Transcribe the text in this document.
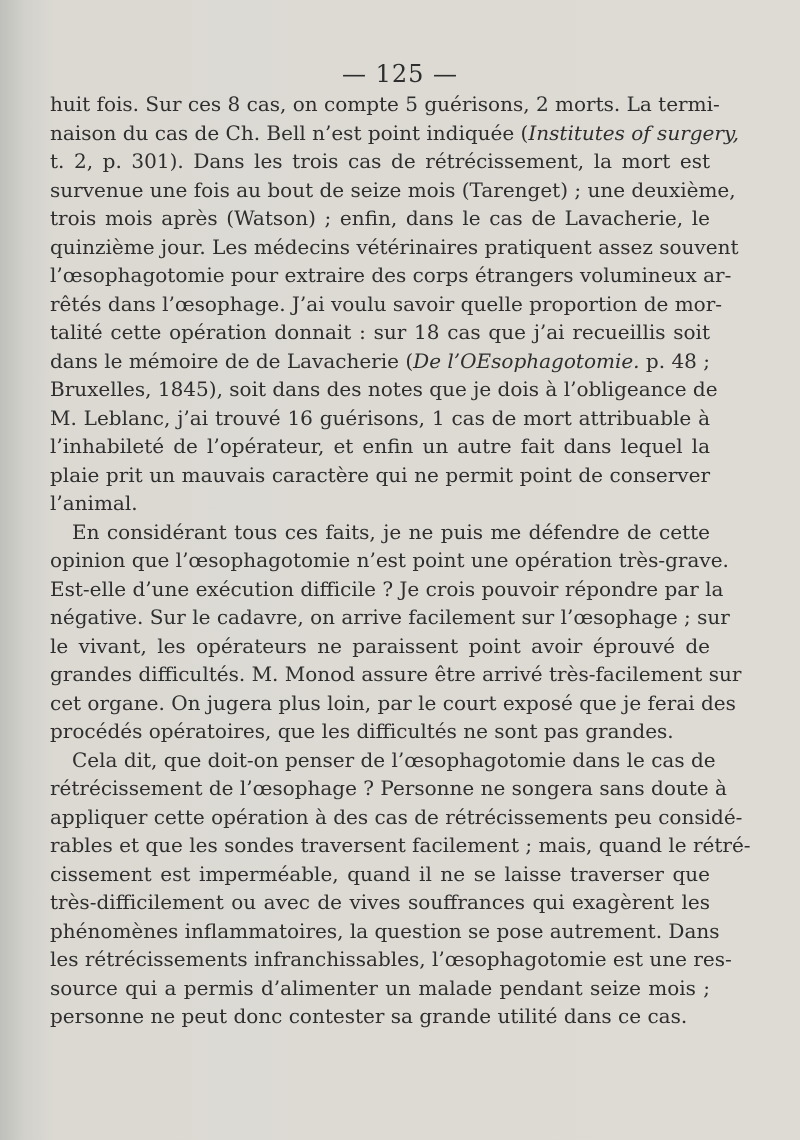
— 125 —
huit fois. Sur ces 8 cas, on compte 5 guérisons, 2 morts. La termi-
naison du cas de Ch. Bell n’est point indiquée (Institutes of surgery,
t. 2, p. 301). Dans les trois cas de rétrécissement, la mort est
survenue une fois au bout de seize mois (Tarenget) ; une deuxième,
trois mois après (Watson) ; enfin, dans le cas de Lavacherie, le
quinzième jour. Les médecins vétérinaires pratiquent assez souvent
l’œsophagotomie pour extraire des corps étrangers volumineux ar-
rêtés dans l’œsophage. J’ai voulu savoir quelle proportion de mor-
talité cette opération donnait : sur 18 cas que j’ai recueillis soit
dans le mémoire de de Lavacherie (De l’OEsophagotomie. p. 48 ;
Bruxelles, 1845), soit dans des notes que je dois à l’obligeance de
M. Leblanc, j’ai trouvé 16 guérisons, 1 cas de mort attribuable à
l’inhabileté de l’opérateur, et enfin un autre fait dans lequel la
plaie prit un mauvais caractère qui ne permit point de conserver
l’animal.
En considérant tous ces faits, je ne puis me défendre de cette
opinion que l’œsophagotomie n’est point une opération très-grave.
Est-elle d’une exécution difficile ? Je crois pouvoir répondre par la
négative. Sur le cadavre, on arrive facilement sur l’œsophage ; sur
le vivant, les opérateurs ne paraissent point avoir éprouvé de
grandes difficultés. M. Monod assure être arrivé très-facilement sur
cet organe. On jugera plus loin, par le court exposé que je ferai des
procédés opératoires, que les difficultés ne sont pas grandes.
Cela dit, que doit-on penser de l’œsophagotomie dans le cas de
rétrécissement de l’œsophage ? Personne ne songera sans doute à
appliquer cette opération à des cas de rétrécissements peu considé-
rables et que les sondes traversent facilement ; mais, quand le rétré-
cissement est imperméable, quand il ne se laisse traverser que
très-difficilement ou avec de vives souffrances qui exagèrent les
phénomènes inflammatoires, la question se pose autrement. Dans
les rétrécissements infranchissables, l’œsophagotomie est une res-
source qui a permis d’alimenter un malade pendant seize mois ;
personne ne peut donc contester sa grande utilité dans ce cas.
